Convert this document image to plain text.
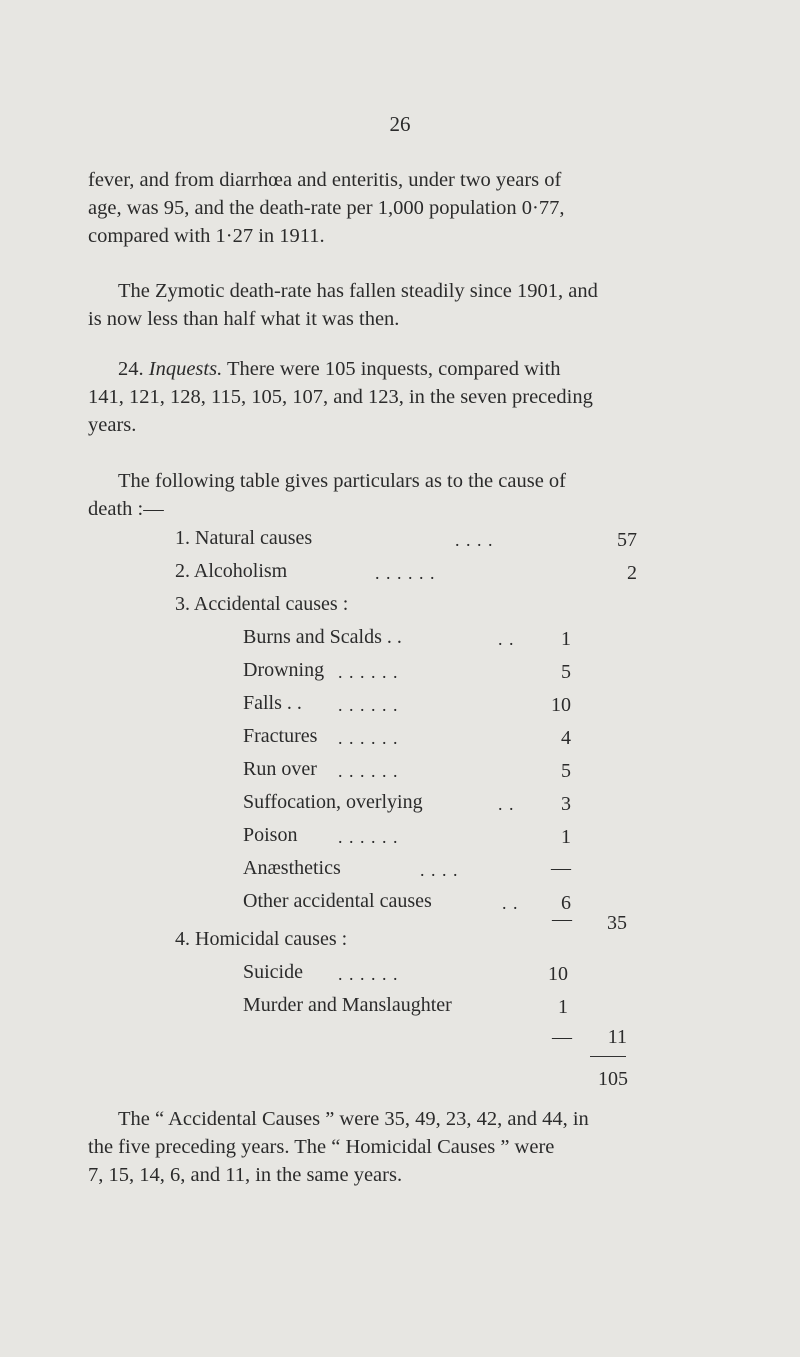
26
fever, and from diarrhœa and enteritis, under two years of
age, was 95, and the death-rate per 1,000 population 0·77,
compared with 1·27 in 1911.
The Zymotic death-rate has fallen steadily since 1901, and
is now less than half what it was then.
24. Inquests. There were 105 inquests, compared with
141, 121, 128, 115, 105, 107, and 123, in the seven preceding
years.
The following table gives particulars as to the cause of
death :—
1. Natural causes	. . . .	57
2. Alcoholism	. . . . . .	2
3. Accidental causes :
Burns and Scalds . .	. .	1
Drowning . . . . . .	5
Falls . . . . . . . .	10
Fractures . . . . . .	4
Run over . . . . . .	5
Suffocation, overlying	. .	3
Poison . . . . . .	1
Anæsthetics	. . . .	—
Other accidental causes	. .	6
—	35
4. Homicidal causes :
Suicide . . . . . .	10
Murder and Manslaughter	1
—	11
105
The “ Accidental Causes ” were 35, 49, 23, 42, and 44, in
the five preceding years. The “ Homicidal Causes ” were
7, 15, 14, 6, and 11, in the same years.
